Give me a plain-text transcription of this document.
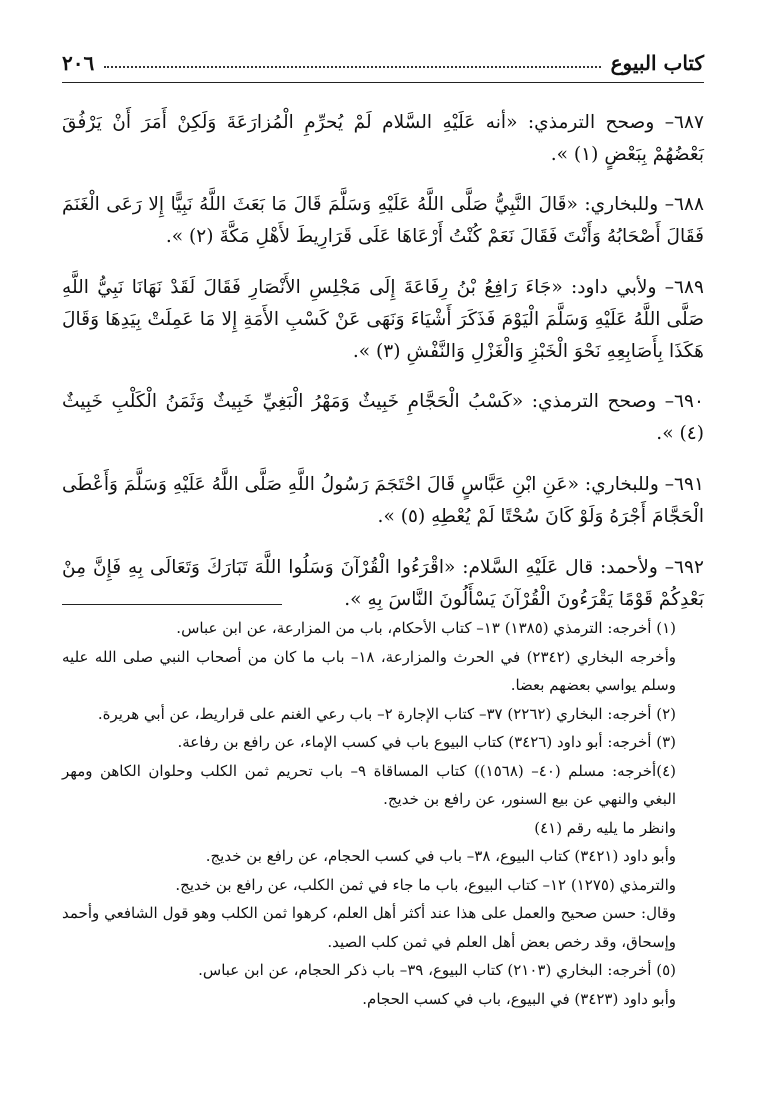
كتاب البيوع
٢٠٦

٦٨٧– وصحح الترمذي: «أنه عَلَيْهِ السَّلام لَمْ يُحرِّمِ الْمُزارَعَةَ وَلَكِنْ أَمَرَ أَنْ يَرْفُقَ بَعْضُهُمْ بِبَعْضٍ (١) ».

٦٨٨– وللبخاري: «قَالَ النَّبِيُّ صَلَّى اللَّهُ عَلَيْهِ وَسَلَّمَ قَالَ مَا بَعَثَ اللَّهُ نَبِيًّا إِلا رَعَى الْغَنَمَ فَقَالَ أَصْحَابُهُ وَأَنْتَ فَقَالَ نَعَمْ كُنْتُ أَرْعَاهَا عَلَى قَرَارِيطَ لأَهْلِ مَكَّةَ (٢) ».

٦٨٩– ولأبي داود: «جَاءَ رَافِعُ بْنُ رِفَاعَةَ إِلَى مَجْلِسِ الأَنْصَارِ فَقَالَ لَقَدْ نَهَانَا نَبِيُّ اللَّهِ صَلَّى اللَّهُ عَلَيْهِ وَسَلَّمَ الْيَوْمَ فَذَكَرَ أَشْيَاءَ وَنَهَى عَنْ كَسْبِ الأَمَةِ إِلا مَا عَمِلَتْ بِيَدِهَا وَقَالَ هَكَذَا بِأَصَابِعِهِ نَحْوَ الْخَبْزِ وَالْغَزْلِ وَالنَّفْشِ (٣) ».

٦٩٠– وصحح الترمذي: «كَسْبُ الْحَجَّامِ خَبِيثٌ وَمَهْرُ الْبَغِيِّ خَبِيثٌ وَثَمَنُ الْكَلْبِ خَبِيثٌ (٤) ».

٦٩١– وللبخاري: «عَنِ ابْنِ عَبَّاسٍ قَالَ احْتَجَمَ رَسُولُ اللَّهِ صَلَّى اللَّهُ عَلَيْهِ وَسَلَّمَ وَأَعْطَى الْحَجَّامَ أَجْرَهُ وَلَوْ كَانَ سُحْتًا لَمْ يُعْطِهِ (٥) ».

٦٩٢– ولأحمد: قال عَلَيْهِ السَّلام: «اقْرَءُوا الْقُرْآنَ وَسَلُوا اللَّهَ تَبَارَكَ وَتَعَالَى بِهِ فَإِنَّ مِنْ بَعْدِكُمْ قَوْمًا يَقْرَءُونَ الْقُرْآنَ يَسْأَلُونَ النَّاسَ بِهِ ».

(١) أخرجه: الترمذي (١٣٨٥) ١٣– كتاب الأحكام، باب من المزارعة، عن ابن عباس.
وأخرجه البخاري (٢٣٤٢) في الحرث والمزارعة، ١٨– باب ما كان من أصحاب النبي صلى الله عليه وسلم يواسي بعضهم بعضا.
(٢) أخرجه: البخاري (٢٢٦٢) ٣٧– كتاب الإجارة ٢– باب رعي الغنم على قراريط، عن أبي هريرة.
(٣) أخرجه: أبو داود (٣٤٢٦) كتاب البيوع باب في كسب الإماء، عن رافع بن رفاعة.
(٤)أخرجه: مسلم (٤٠– (١٥٦٨)) كتاب المساقاة ٩– باب تحريم ثمن الكلب وحلوان الكاهن ومهر البغي والنهي عن بيع السنور، عن رافع بن خديج.
وانظر ما يليه رقم (٤١)
وأبو داود (٣٤٢١) كتاب البيوع، ٣٨– باب في كسب الحجام، عن رافع بن خديج.
والترمذي (١٢٧٥) ١٢– كتاب البيوع، باب ما جاء في ثمن الكلب، عن رافع بن خديج.
وقال: حسن صحيح والعمل على هذا عند أكثر أهل العلم، كرهوا ثمن الكلب وهو قول الشافعي وأحمد وإسحاق، وقد رخص بعض أهل العلم في ثمن كلب الصيد.
(٥) أخرجه: البخاري (٢١٠٣) كتاب البيوع، ٣٩– باب ذكر الحجام، عن ابن عباس.
وأبو داود (٣٤٢٣) في البيوع، باب في كسب الحجام.
